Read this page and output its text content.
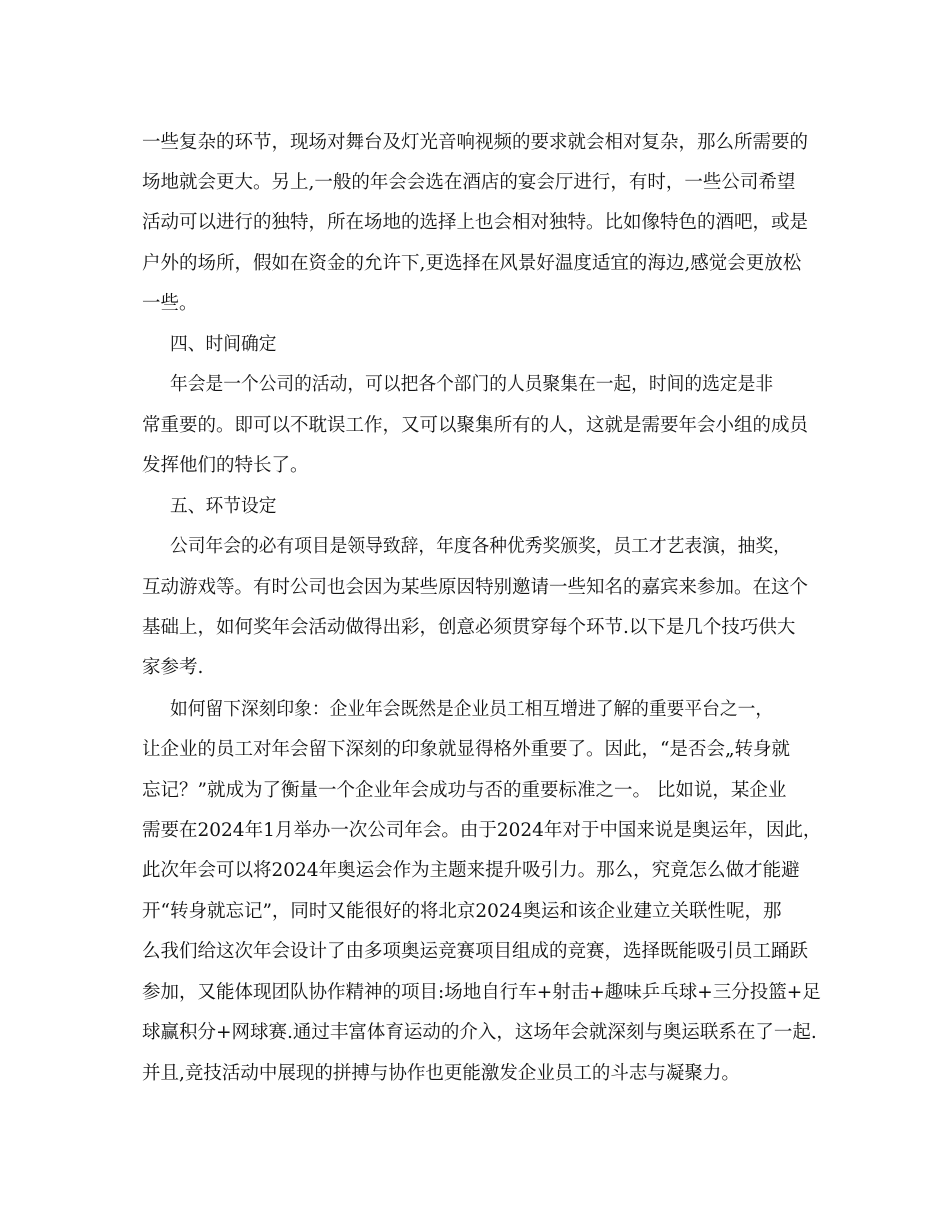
一些复杂的环节，现场对舞台及灯光音响视频的要求就会相对复杂，那么所需要的
场地就会更大。另上,一般的年会会选在酒店的宴会厅进行，有时，一些公司希望
活动可以进行的独特，所在场地的选择上也会相对独特。比如像特色的酒吧，或是
户外的场所，假如在资金的允许下,更选择在风景好温度适宜的海边,感觉会更放松
一些。
四、时间确定
年会是一个公司的活动，可以把各个部门的人员聚集在一起，时间的选定是非
常重要的。即可以不耽误工作，又可以聚集所有的人，这就是需要年会小组的成员
发挥他们的特长了。
五、环节设定
公司年会的必有项目是领导致辞，年度各种优秀奖颁奖，员工才艺表演，抽奖，
互动游戏等。有时公司也会因为某些原因特别邀请一些知名的嘉宾来参加。在这个
基础上，如何奖年会活动做得出彩，创意必须贯穿每个环节.以下是几个技巧供大
家参考.
如何留下深刻印象：企业年会既然是企业员工相互增进了解的重要平台之一，
让企业的员工对年会留下深刻的印象就显得格外重要了。因此，“是否会„转身就
忘记？”就成为了衡量一个企业年会成功与否的重要标准之一。 比如说，某企业
需要在2024年1月举办一次公司年会。由于2024年对于中国来说是奥运年，因此，
此次年会可以将2024年奥运会作为主题来提升吸引力。那么，究竟怎么做才能避
开“转身就忘记”，同时又能很好的将北京2024奥运和该企业建立关联性呢，那
么我们给这次年会设计了由多项奥运竞赛项目组成的竞赛，选择既能吸引员工踊跃
参加，又能体现团队协作精神的项目:场地自行车+射击+趣味乒乓球+三分投篮+足
球赢积分+网球赛.通过丰富体育运动的介入，这场年会就深刻与奥运联系在了一起.
并且,竞技活动中展现的拼搏与协作也更能激发企业员工的斗志与凝聚力。
